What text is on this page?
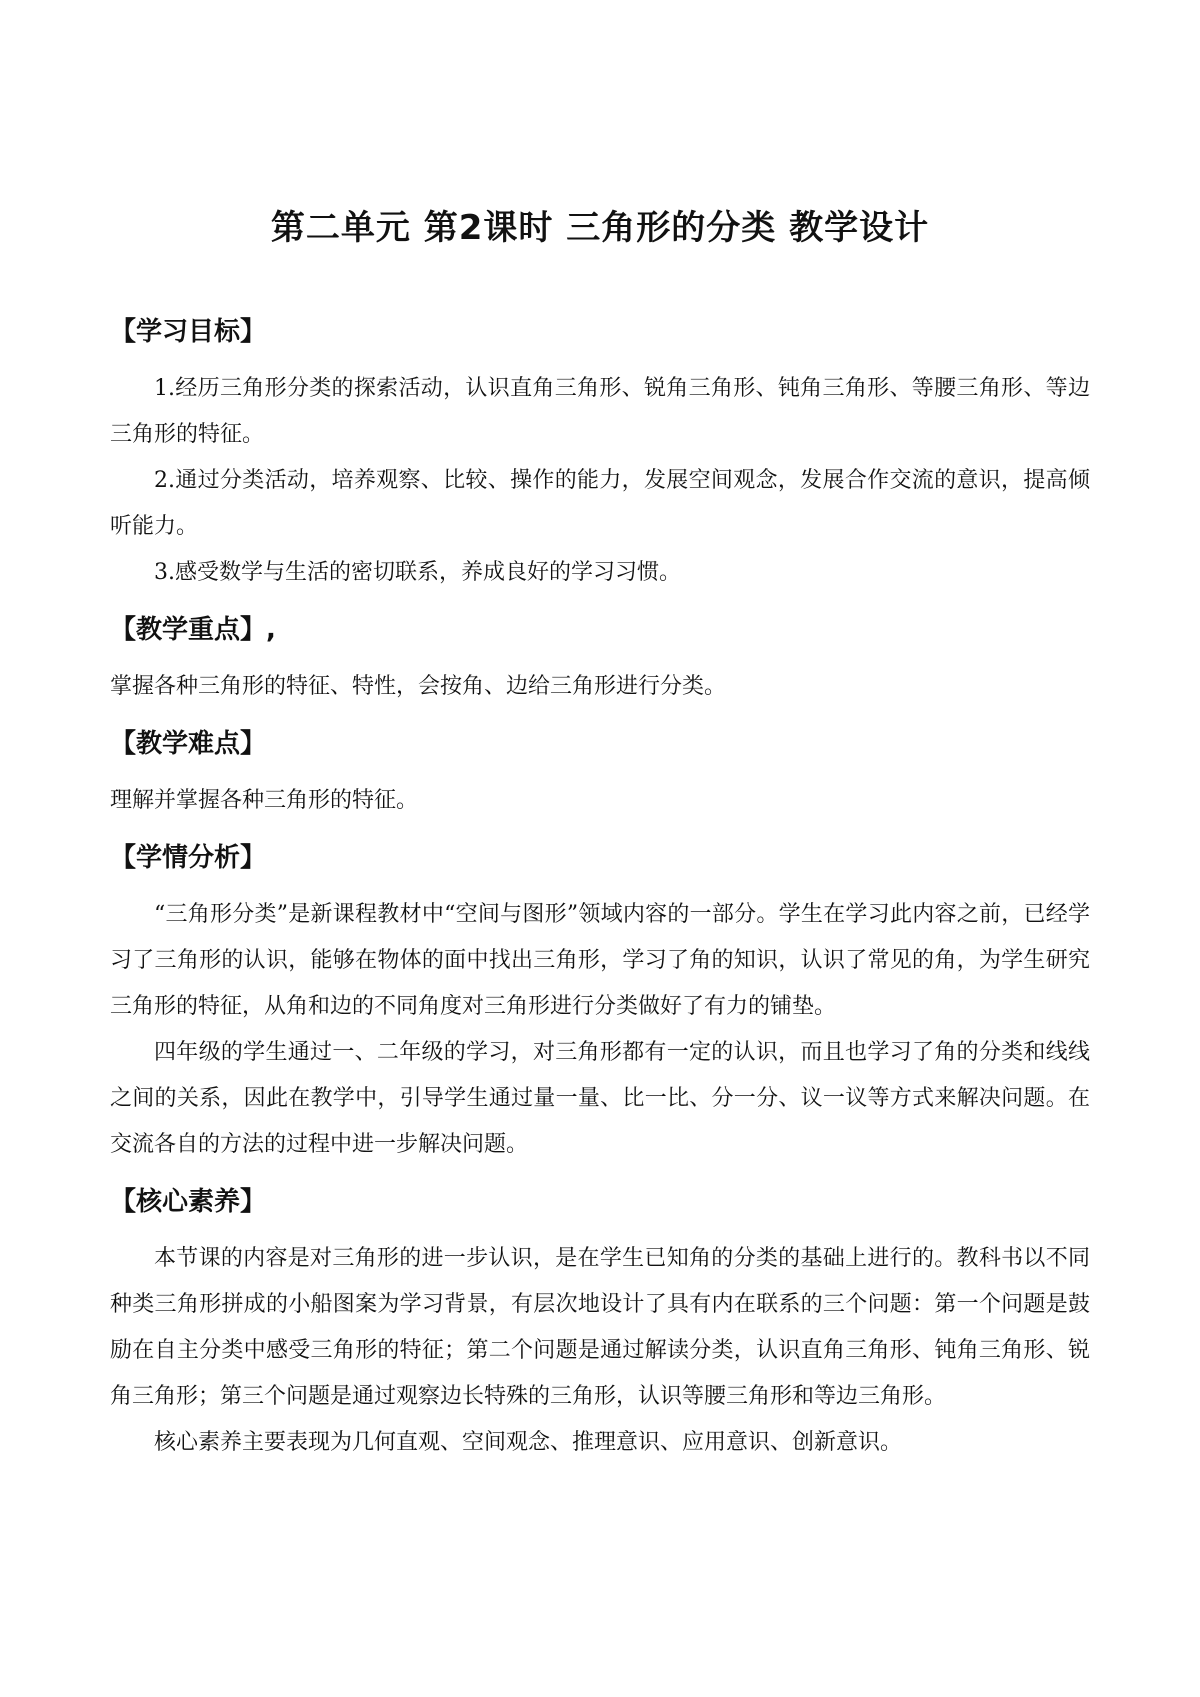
第二单元 第2课时 三角形的分类 教学设计
【学习目标】

1.经历三角形分类的探索活动，认识直角三角形、锐角三角形、钝角三角形、等腰三角形、等边三角形的特征。

2.通过分类活动，培养观察、比较、操作的能力，发展空间观念，发展合作交流的意识，提高倾听能力。

3.感受数学与生活的密切联系，养成良好的学习习惯。

【教学重点】,

掌握各种三角形的特征、特性，会按角、边给三角形进行分类。

【教学难点】

理解并掌握各种三角形的特征。

【学情分析】

“三角形分类”是新课程教材中“空间与图形”领域内容的一部分。学生在学习此内容之前，已经学习了三角形的认识，能够在物体的面中找出三角形，学习了角的知识，认识了常见的角，为学生研究三角形的特征，从角和边的不同角度对三角形进行分类做好了有力的铺垫。

四年级的学生通过一、二年级的学习，对三角形都有一定的认识，而且也学习了角的分类和线线之间的关系，因此在教学中，引导学生通过量一量、比一比、分一分、议一议等方式来解决问题。在交流各自的方法的过程中进一步解决问题。

【核心素养】

本节课的内容是对三角形的进一步认识，是在学生已知角的分类的基础上进行的。教科书以不同种类三角形拼成的小船图案为学习背景，有层次地设计了具有内在联系的三个问题：第一个问题是鼓励在自主分类中感受三角形的特征；第二个问题是通过解读分类，认识直角三角形、钝角三角形、锐角三角形；第三个问题是通过观察边长特殊的三角形，认识等腰三角形和等边三角形。

核心素养主要表现为几何直观、空间观念、推理意识、应用意识、创新意识。
